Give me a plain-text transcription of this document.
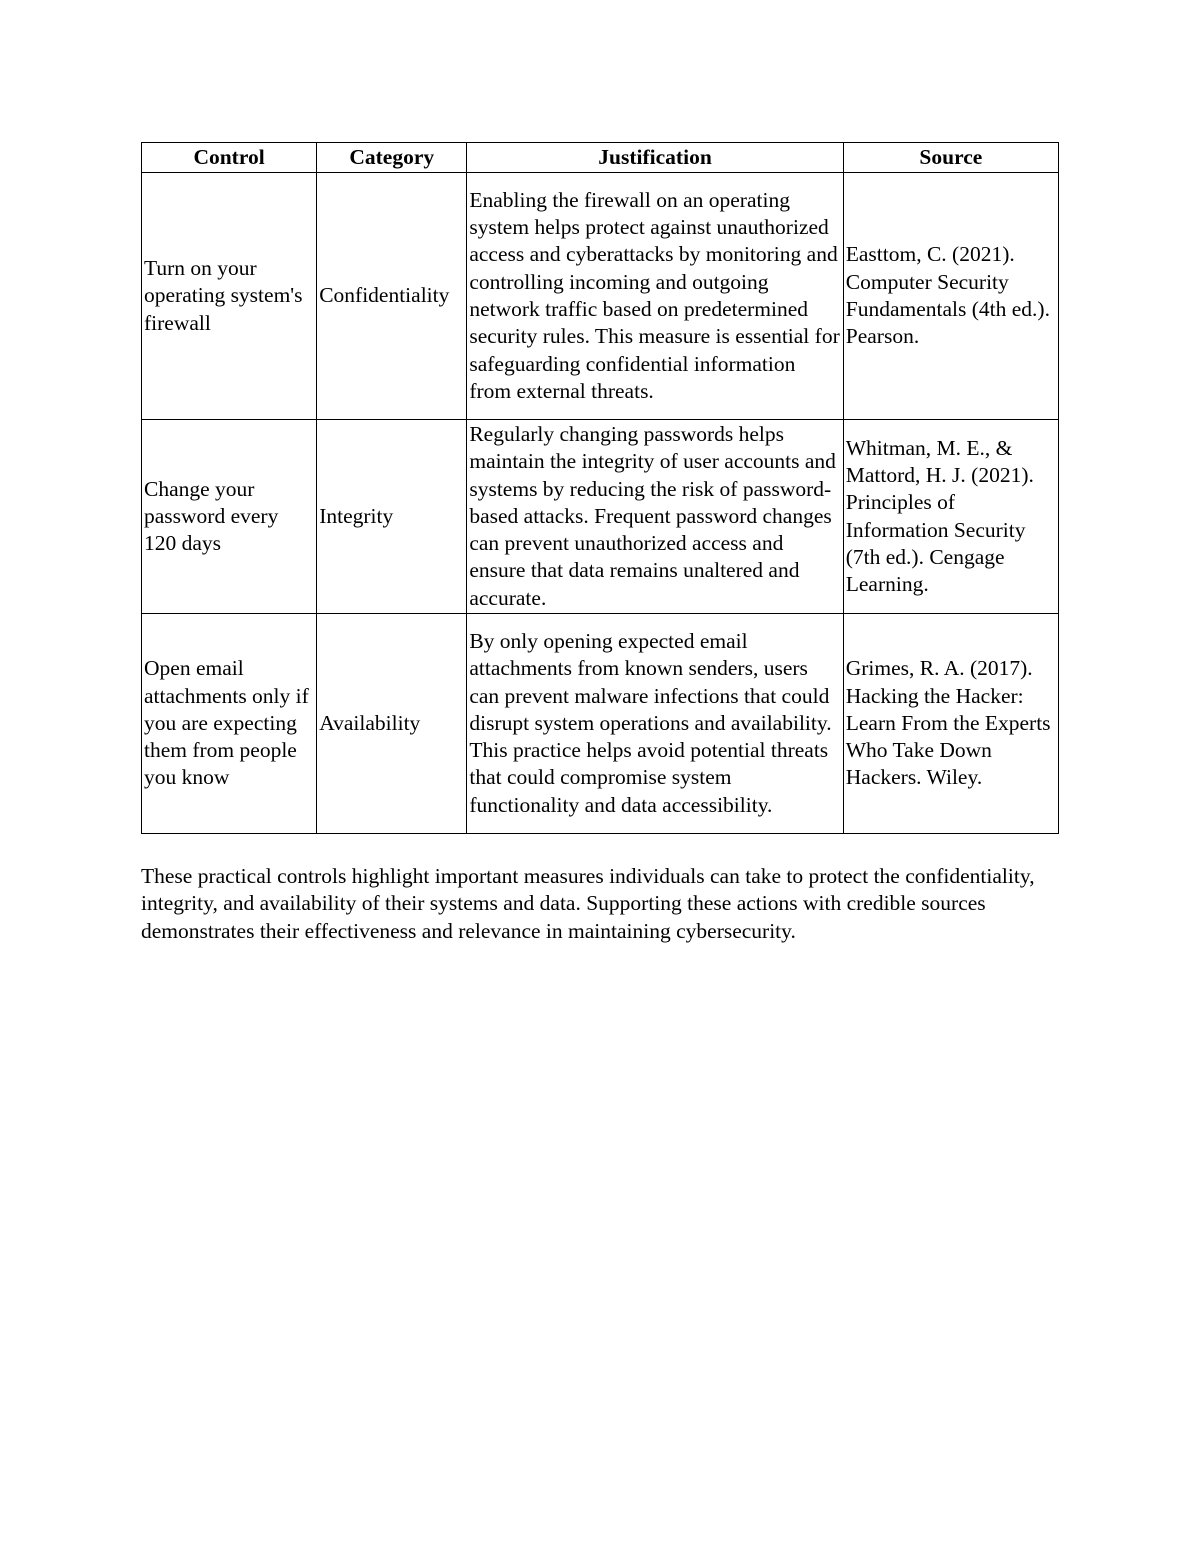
Control	Category	Justification	Source
Turn on your operating system's firewall	Confidentiality	Enabling the firewall on an operating system helps protect against unauthorized access and cyberattacks by monitoring and controlling incoming and outgoing network traffic based on predetermined security rules. This measure is essential for safeguarding confidential information from external threats.	Easttom, C. (2021). Computer Security Fundamentals (4th ed.). Pearson.
Change your password every 120 days	Integrity	Regularly changing passwords helps maintain the integrity of user accounts and systems by reducing the risk of password-based attacks. Frequent password changes can prevent unauthorized access and ensure that data remains unaltered and accurate.	Whitman, M. E., & Mattord, H. J. (2021). Principles of Information Security (7th ed.). Cengage Learning.
Open email attachments only if you are expecting them from people you know	Availability	By only opening expected email attachments from known senders, users can prevent malware infections that could disrupt system operations and availability. This practice helps avoid potential threats that could compromise system functionality and data accessibility.	Grimes, R. A. (2017). Hacking the Hacker: Learn From the Experts Who Take Down Hackers. Wiley.

These practical controls highlight important measures individuals can take to protect the confidentiality, integrity, and availability of their systems and data. Supporting these actions with credible sources demonstrates their effectiveness and relevance in maintaining cybersecurity.
